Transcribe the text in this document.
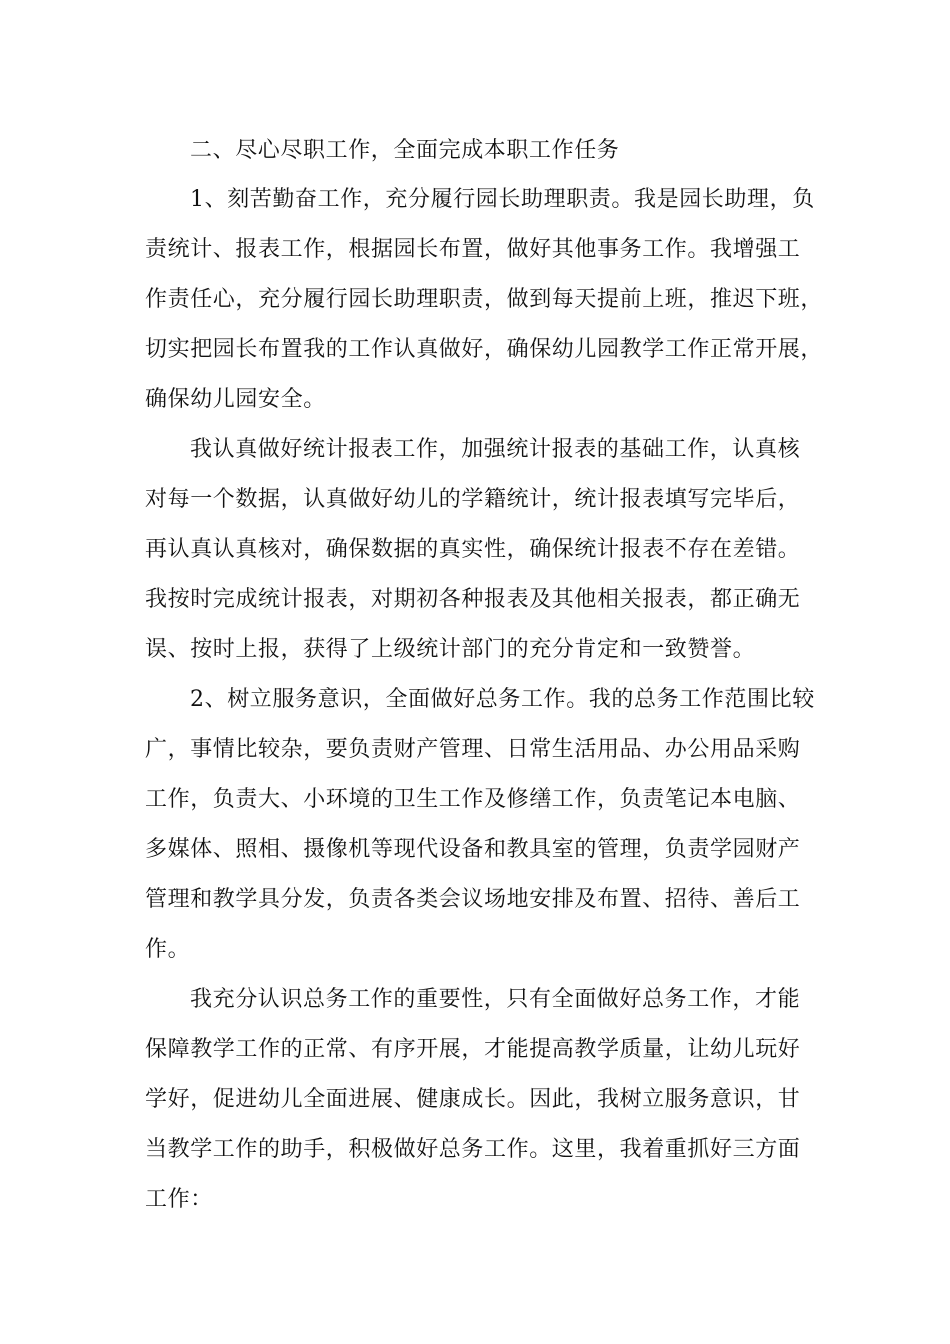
二、尽心尽职工作，全面完成本职工作任务
1、刻苦勤奋工作，充分履行园长助理职责。我是园长助理，负
责统计、报表工作，根据园长布置，做好其他事务工作。我增强工
作责任心，充分履行园长助理职责，做到每天提前上班，推迟下班，
切实把园长布置我的工作认真做好，确保幼儿园教学工作正常开展，
确保幼儿园安全。
我认真做好统计报表工作，加强统计报表的基础工作，认真核
对每一个数据，认真做好幼儿的学籍统计，统计报表填写完毕后，
再认真认真核对，确保数据的真实性，确保统计报表不存在差错。
我按时完成统计报表，对期初各种报表及其他相关报表，都正确无
误、按时上报，获得了上级统计部门的充分肯定和一致赞誉。
2、树立服务意识，全面做好总务工作。我的总务工作范围比较
广，事情比较杂，要负责财产管理、日常生活用品、办公用品采购
工作，负责大、小环境的卫生工作及修缮工作，负责笔记本电脑、
多媒体、照相、摄像机等现代设备和教具室的管理，负责学园财产
管理和教学具分发，负责各类会议场地安排及布置、招待、善后工
作。
我充分认识总务工作的重要性，只有全面做好总务工作，才能
保障教学工作的正常、有序开展，才能提高教学质量，让幼儿玩好
学好，促进幼儿全面进展、健康成长。因此，我树立服务意识，甘
当教学工作的助手，积极做好总务工作。这里，我着重抓好三方面
工作：
